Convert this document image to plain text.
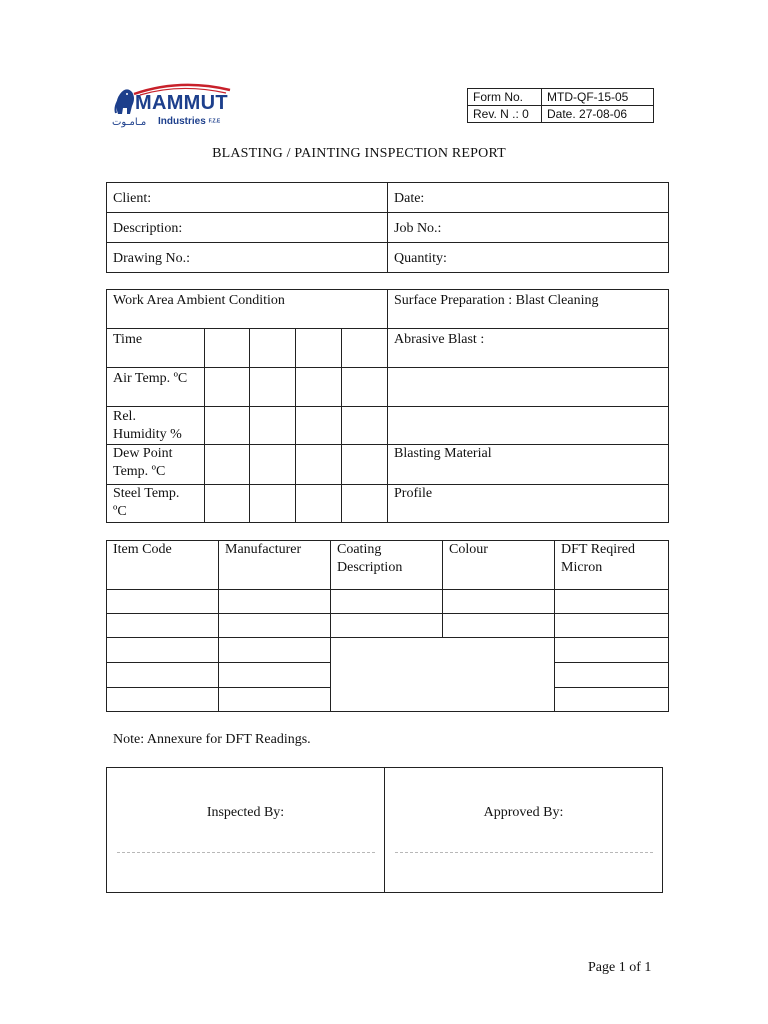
MAMMUT
مـامـوت Industries F.Z.E
Form No.	MTD-QF-15-05
Rev. N .: 0	Date. 27-08-06
BLASTING / PAINTING INSPECTION REPORT
Client:	Date:

Description:	Job No.:

Drawing No.:	Quantity:
Work Area Ambient Condition					Surface Preparation : Blast Cleaning

Time					Abrasive Blast :

Air Temp. ºC					

Rel. Humidity %					

Dew Point Temp. ºC					Blasting Material

Steel Temp. ºC					Profile
Item Code	Manufacturer	Coating Description	Colour	DFT Reqired Micron

Note: Annexure for DFT Readings.
Inspected By:	Approved By:
Page 1 of 1
